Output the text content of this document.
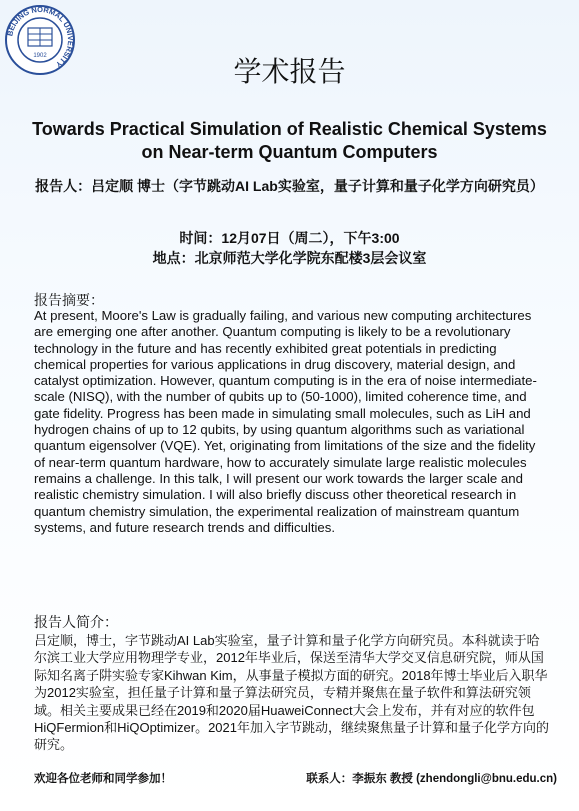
BEIJING NORMAL UNIVERSITY
1902	学术报告
Towards Practical Simulation of Realistic Chemical Systems on Near-term Quantum Computers
报告人：吕定顺 博士（字节跳动AI Lab实验室，量子计算和量子化学方向研究员）
时间：12月07日（周二），下午3:00
地点：北京师范大学化学院东配楼3层会议室
报告摘要：
At present, Moore's Law is gradually failing, and various new computing architectures are emerging one after another. Quantum computing is likely to be a revolutionary technology in the future and has recently exhibited great potentials in predicting chemical properties for various applications in drug discovery, material design, and catalyst optimization. However, quantum computing is in the era of noise intermediate-scale (NISQ), with the number of qubits up to (50-1000), limited coherence time, and gate fidelity. Progress has been made in simulating small molecules, such as LiH and hydrogen chains of up to 12 qubits, by using quantum algorithms such as variational quantum eigensolver (VQE). Yet, originating from limitations of the size and the fidelity of near-term quantum hardware, how to accurately simulate large realistic molecules remains a challenge. In this talk, I will present our work towards the larger scale and realistic chemistry simulation. I will also briefly discuss other theoretical research in quantum chemistry simulation, the experimental realization of mainstream quantum systems, and future research trends and difficulties.
报告人简介：
吕定顺，博士，字节跳动AI Lab实验室，量子计算和量子化学方向研究员。本科就读于哈尔滨工业大学应用物理学专业，2012年毕业后，保送至清华大学交叉信息研究院，师从国际知名离子阱实验专家Kihwan Kim，从事量子模拟方面的研究。2018年博士毕业后入职华为2012实验室，担任量子计算和量子算法研究员，专精并聚焦在量子软件和算法研究领域。相关主要成果已经在2019和2020届HuaweiConnect大会上发布，并有对应的软件包HiQFermion和HiQOptimizer。2021年加入字节跳动，继续聚焦量子计算和量子化学方向的研究。
欢迎各位老师和同学参加！	联系人：李振东 教授 (zhendongli@bnu.edu.cn)
